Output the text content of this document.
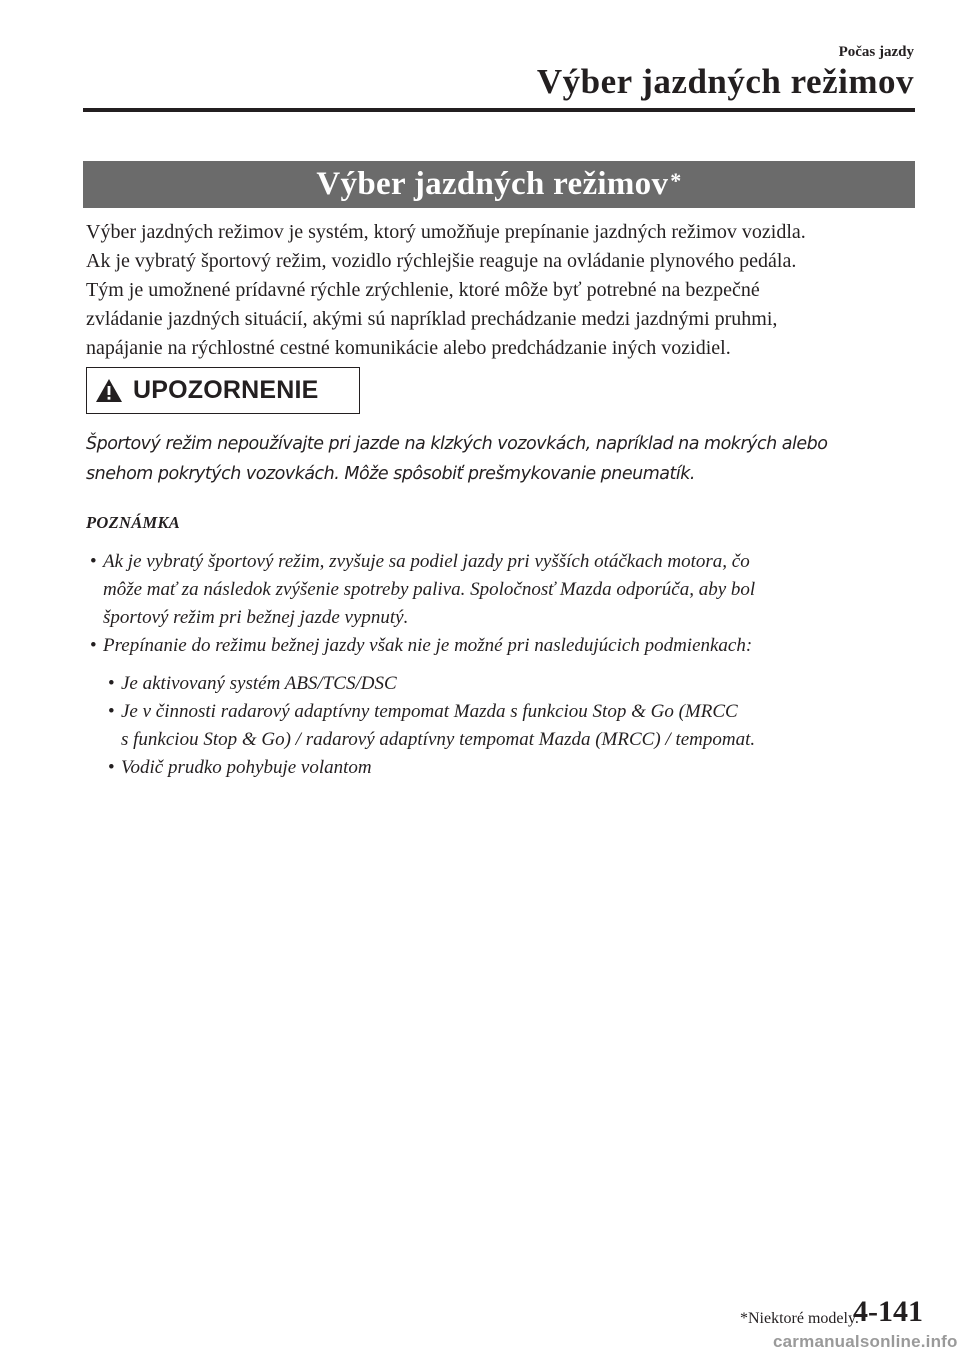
Počas jazdy
Výber jazdných režimov
Výber jazdných režimov*

Výber jazdných režimov je systém, ktorý umožňuje prepínanie jazdných režimov vozidla.

Ak je vybratý športový režim, vozidlo rýchlejšie reaguje na ovládanie plynového pedála.

Tým je umožnené prídavné rýchle zrýchlenie, ktoré môže byť potrebné na bezpečné

zvládanie jazdných situácií, akými sú napríklad prechádzanie medzi jazdnými pruhmi,

napájanie na rýchlostné cestné komunikácie alebo predchádzanie iných vozidiel.

UPOZORNENIE

Športový režim nepoužívajte pri jazde na klzkých vozovkách, napríklad na mokrých alebo

snehom pokrytých vozovkách. Môže spôsobiť prešmykovanie pneumatík.

POZNÁMKA
• Ak je vybratý športový režim, zvyšuje sa podiel jazdy pri vyšších otáčkach motora, čo

môže mať za následok zvýšenie spotreby paliva. Spoločnosť Mazda odporúča, aby bol

športový režim pri bežnej jazde vypnutý.

• Prepínanie do režimu bežnej jazdy však nie je možné pri nasledujúcich podmienkach:

• Je aktivovaný systém ABS/TCS/DSC

• Je v činnosti radarový adaptívny tempomat Mazda s funkciou Stop & Go (MRCC

s funkciou Stop & Go) / radarový adaptívny tempomat Mazda (MRCC) / tempomat.

• Vodič prudko pohybuje volantom

*Niektoré modely.
4-141
carmanualsonline.info
